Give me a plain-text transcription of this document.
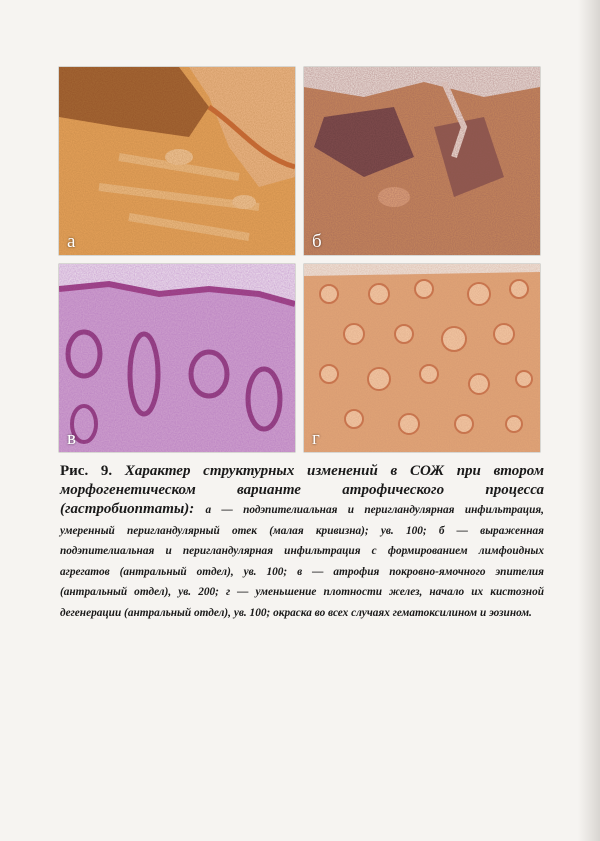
а	б
в	г

Рис. 9. Характер структурных изменений в СОЖ при втором морфогенетическом варианте атрофического процесса (гастробиоптаты): а — подэпителиальная и перигландулярная инфильтрация, умеренный перигландулярный отек (малая кривизна); ув. 100; б — выраженная подэпителиальная и перигландулярная инфильтрация с формированием лимфоидных агрегатов (антральный отдел), ув. 100; в — атрофия покровно-ямочного эпителия (антральный отдел), ув. 200; г — уменьшение плотности желез, начало их кистозной дегенерации (антральный отдел), ув. 100; окраска во всех случаях гематоксилином и эозином.
